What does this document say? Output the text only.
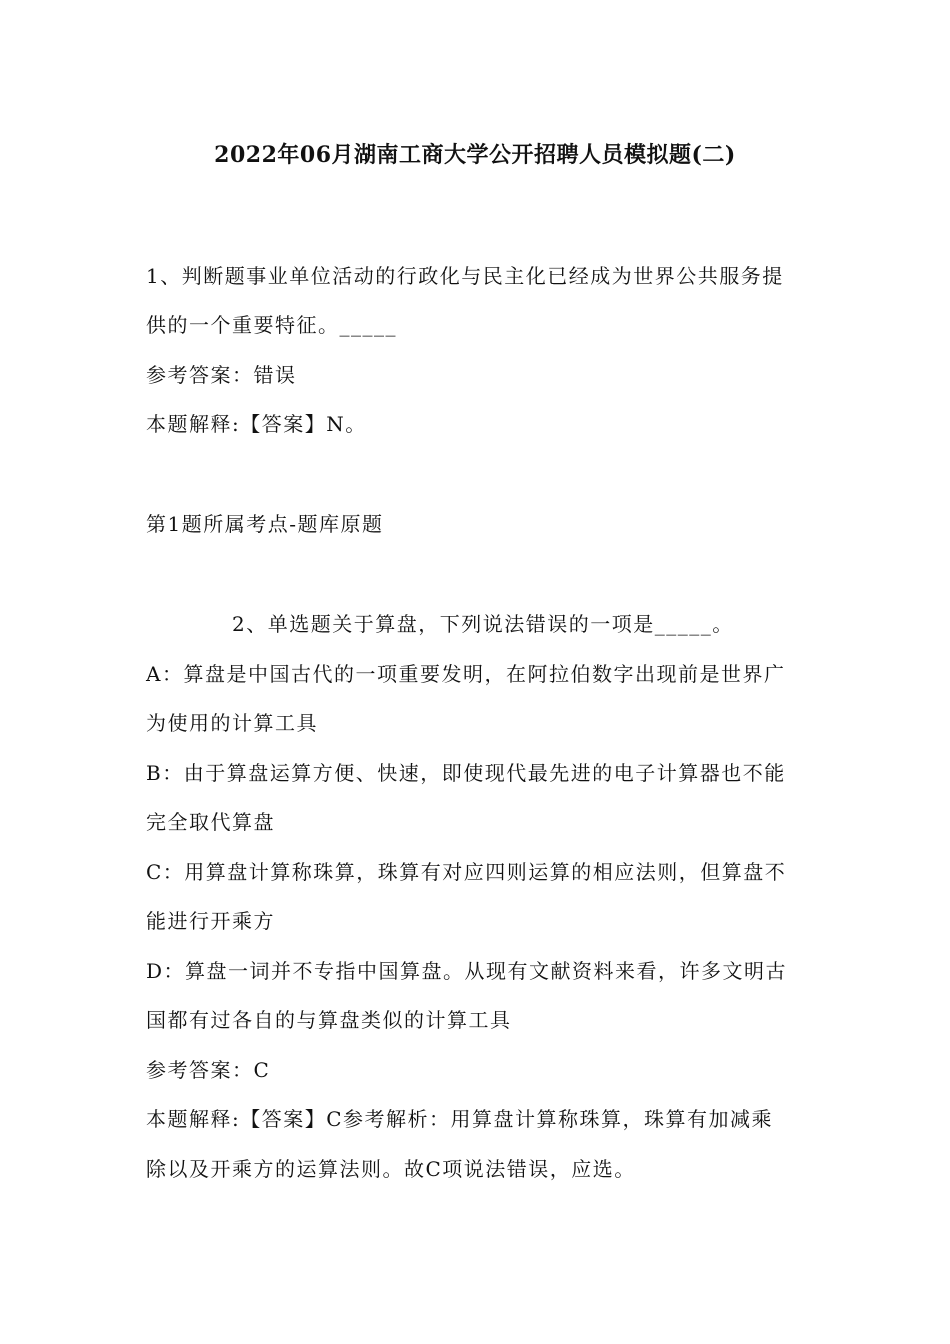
2022年06月湖南工商大学公开招聘人员模拟题(二)
1、判断题事业单位活动的行政化与民主化已经成为世界公共服务提
供的一个重要特征。_____
参考答案：错误
本题解释:【答案】N。
第1题所属考点-题库原题
2、单选题关于算盘，下列说法错误的一项是_____。
A：算盘是中国古代的一项重要发明，在阿拉伯数字出现前是世界广
为使用的计算工具
B：由于算盘运算方便、快速，即使现代最先进的电子计算器也不能
完全取代算盘
C：用算盘计算称珠算，珠算有对应四则运算的相应法则，但算盘不
能进行开乘方
D：算盘一词并不专指中国算盘。从现有文献资料来看，许多文明古
国都有过各自的与算盘类似的计算工具
参考答案：C
本题解释:【答案】C参考解析：用算盘计算称珠算，珠算有加减乘
除以及开乘方的运算法则。故C项说法错误，应选。
